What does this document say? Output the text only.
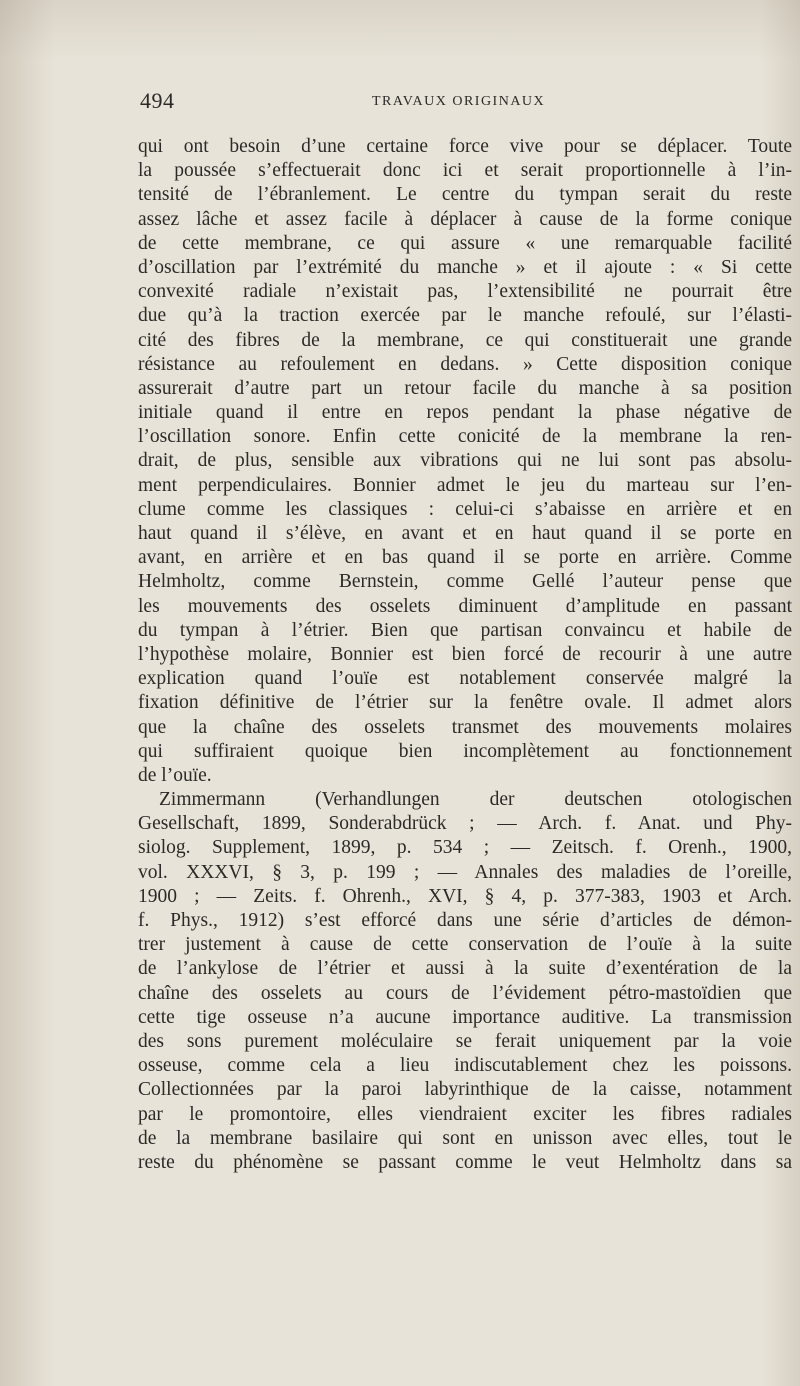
494	TRAVAUX ORIGINAUX
qui ont besoin d’une certaine force vive pour se déplacer. Toute
la poussée s’effectuerait donc ici et serait proportionnelle à l’in-
tensité de l’ébranlement. Le centre du tympan serait du reste
assez lâche et assez facile à déplacer à cause de la forme conique
de cette membrane, ce qui assure « une remarquable facilité
d’oscillation par l’extrémité du manche » et il ajoute : « Si cette
convexité radiale n’existait pas, l’extensibilité ne pourrait être
due qu’à la traction exercée par le manche refoulé, sur l’élasti-
cité des fibres de la membrane, ce qui constituerait une grande
résistance au refoulement en dedans. » Cette disposition conique
assurerait d’autre part un retour facile du manche à sa position
initiale quand il entre en repos pendant la phase négative de
l’oscillation sonore. Enfin cette conicité de la membrane la ren-
drait, de plus, sensible aux vibrations qui ne lui sont pas absolu-
ment perpendiculaires. Bonnier admet le jeu du marteau sur l’en-
clume comme les classiques : celui-ci s’abaisse en arrière et en
haut quand il s’élève, en avant et en haut quand il se porte en
avant, en arrière et en bas quand il se porte en arrière. Comme
Helmholtz, comme Bernstein, comme Gellé l’auteur pense que
les mouvements des osselets diminuent d’amplitude en passant
du tympan à l’étrier. Bien que partisan convaincu et habile de
l’hypothèse molaire, Bonnier est bien forcé de recourir à une autre
explication quand l’ouïe est notablement conservée malgré la
fixation définitive de l’étrier sur la fenêtre ovale. Il admet alors
que la chaîne des osselets transmet des mouvements molaires
qui suffiraient quoique bien incomplètement au fonctionnement
de l’ouïe.
Zimmermann (Verhandlungen der deutschen otologischen
Gesellschaft, 1899, Sonderabdrück ; — Arch. f. Anat. und Phy-
siolog. Supplement, 1899, p. 534 ; — Zeitsch. f. Orenh., 1900,
vol. XXXVI, § 3, p. 199 ; — Annales des maladies de l’oreille,
1900 ; — Zeits. f. Ohrenh., XVI, § 4, p. 377-383, 1903 et Arch.
f. Phys., 1912) s’est efforcé dans une série d’articles de démon-
trer justement à cause de cette conservation de l’ouïe à la suite
de l’ankylose de l’étrier et aussi à la suite d’exentération de la
chaîne des osselets au cours de l’évidement pétro-mastoïdien que
cette tige osseuse n’a aucune importance auditive. La transmission
des sons purement moléculaire se ferait uniquement par la voie
osseuse, comme cela a lieu indiscutablement chez les poissons.
Collectionnées par la paroi labyrinthique de la caisse, notamment
par le promontoire, elles viendraient exciter les fibres radiales
de la membrane basilaire qui sont en unisson avec elles, tout le
reste du phénomène se passant comme le veut Helmholtz dans sa
